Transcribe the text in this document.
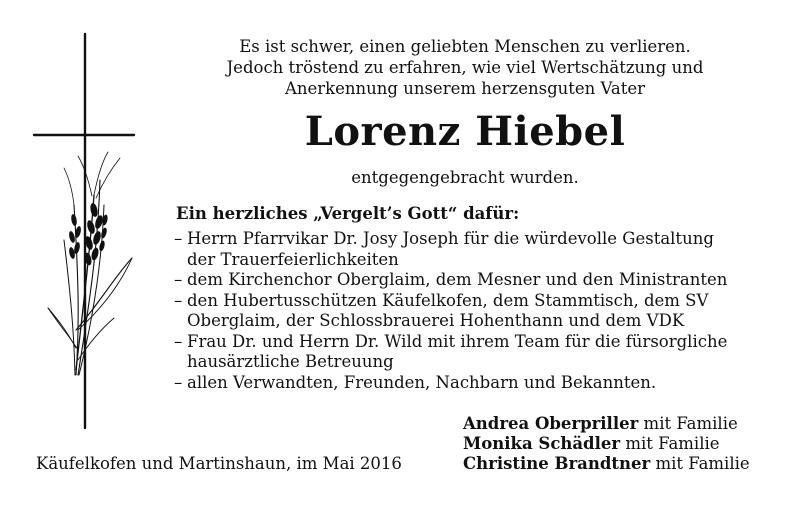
Es ist schwer, einen geliebten Menschen zu verlieren.
Jedoch tröstend zu erfahren, wie viel Wertschätzung und
Anerkennung unserem herzensguten Vater
Lorenz Hiebel
entgegengebracht wurden.
Ein herzliches „Vergelt’s Gott“ dafür:
– Herrn Pfarrvikar Dr. Josy Joseph für die würdevolle Gestaltung
der Trauerfeierlichkeiten
– dem Kirchenchor Oberglaim, dem Mesner und den Ministranten
– den Hubertusschützen Käufelkofen, dem Stammtisch, dem SV
Oberglaim, der Schlossbrauerei Hohenthann und dem VDK
– Frau Dr. und Herrn Dr. Wild mit ihrem Team für die fürsorgliche
hausärztliche Betreuung
– allen Verwandten, Freunden, Nachbarn und Bekannten.
Andrea Oberpriller mit Familie
Monika Schädler mit Familie
Christine Brandtner mit Familie
Käufelkofen und Martinshaun, im Mai 2016
